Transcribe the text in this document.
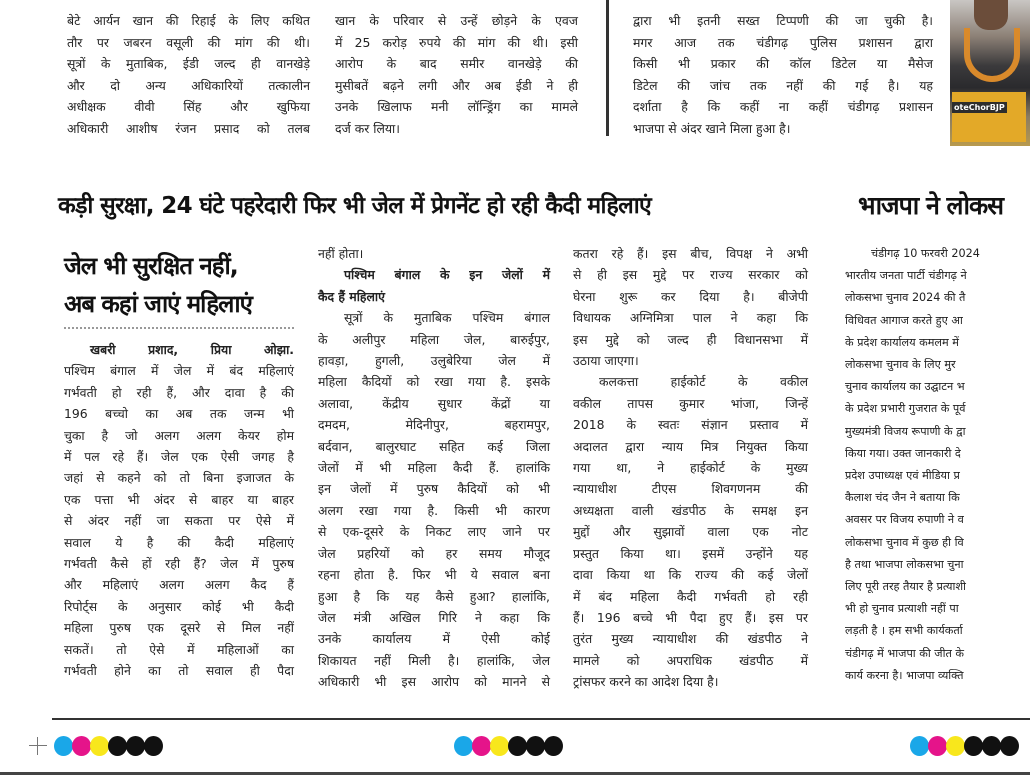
बेटे आर्यन खान की रिहाई के लिए कथित
तौर पर जबरन वसूली की मांग की थी।
सूत्रों के मुताबिक, ईडी जल्द ही वानखेड़े
और दो अन्य अधिकारियों तत्कालीन
अधीक्षक वीवी सिंह और खुफिया
अधिकारी आशीष रंजन प्रसाद को तलब
खान के परिवार से उन्हें छोड़ने के एवज
में 25 करोड़ रुपये की मांग की थी। इसी
आरोप के बाद समीर वानखेड़े की
मुसीबतें बढ़ने लगी और अब ईडी ने ही
उनके खिलाफ मनी लॉन्ड्रिंग का मामले
दर्ज कर लिया।
द्वारा भी इतनी सख्त टिप्पणी की जा चुकी है।
मगर आज तक चंडीगढ़ पुलिस प्रशासन द्वारा
किसी भी प्रकार की कॉल डिटेल या मैसेज
डिटेल की जांच तक नहीं की गई है। यह
दर्शाता है कि कहीं ना कहीं चंडीगढ़ प्रशासन
भाजपा से अंदर खाने मिला हुआ है।
oteChorBJP
कड़ी सुरक्षा, 24 घंटे पहरेदारी फिर भी जेल में प्रेगनेंट हो रही कैदी महिलाएं	भाजपा ने लोकस
जेल भी सुरक्षित नहीं,
अब कहां जाएं महिलाएं
खबरी प्रशाद, प्रिया ओझा.
पश्चिम बंगाल में जेल में बंद महिलाएं
गर्भवती हो रही हैं, और दावा है की
196 बच्चो का अब तक जन्म भी
चुका है जो अलग अलग केयर होम
में पल रहे हैं। जेल एक ऐसी जगह है
जहां से कहने को तो बिना इजाजत के
एक पत्ता भी अंदर से बाहर या बाहर
से अंदर नहीं जा सकता पर ऐसे में
सवाल ये है की कैदी महिलाएं
गर्भवती कैसे हों रही हैं? जेल में पुरुष
और महिलाएं अलग अलग कैद हैं
रिपोर्ट्स के अनुसार कोई भी कैदी
महिला पुरुष एक दूसरे से मिल नहीं
सकतें। तो ऐसे में महिलाओं का
गर्भवती होने का तो सवाल ही पैदा
नहीं होता।
पश्चिम बंगाल के इन जेलों में
कैद हैं महिलाएं
सूत्रों के मुताबिक पश्चिम बंगाल
के अलीपुर महिला जेल, बारुईपुर,
हावड़ा, हुगली, उलुबेरिया जेल में
महिला कैदियों को रखा गया है. इसके
अलावा, केंद्रीय सुधार केंद्रों या
दमदम, मेदिनीपुर, बहरामपुर,
बर्दवान, बालुरघाट सहित कई जिला
जेलों में भी महिला कैदी हैं. हालांकि
इन जेलों में पुरुष कैदियों को भी
अलग रखा गया है. किसी भी कारण
से एक-दूसरे के निकट लाए जाने पर
जेल प्रहरियों को हर समय मौजूद
रहना होता है. फिर भी ये सवाल बना
हुआ है कि यह कैसे हुआ? हालांकि,
जेल मंत्री अखिल गिरि ने कहा कि
उनके कार्यालय में ऐसी कोई
शिकायत नहीं मिली है। हालांकि, जेल
अधिकारी भी इस आरोप को मानने से
कतरा रहे हैं। इस बीच, विपक्ष ने अभी
से ही इस मुद्दे पर राज्य सरकार को
घेरना शुरू कर दिया है। बीजेपी
विधायक अग्निमित्रा पाल ने कहा कि
इस मुद्दे को जल्द ही विधानसभा में
उठाया जाएगा।
कलकत्ता हाईकोर्ट के वकील
वकील तापस कुमार भांजा, जिन्हें
2018 के स्वतः संज्ञान प्रस्ताव में
अदालत द्वारा न्याय मित्र नियुक्त किया
गया था, ने हाईकोर्ट के मुख्य
न्यायाधीश टीएस शिवगणनम की
अध्यक्षता वाली खंडपीठ के समक्ष इन
मुद्दों और सुझावों वाला एक नोट
प्रस्तुत किया था। इसमें उन्होंने यह
दावा किया था कि राज्य की कई जेलों
में बंद महिला कैदी गर्भवती हो रही
हैं। 196 बच्चे भी पैदा हुए हैं। इस पर
तुरंत मुख्य न्यायाधीश की खंडपीठ ने
मामले को अपराधिक खंडपीठ में
ट्रांसफर करने का आदेश दिया है।
चंडीगढ़ 10 फरवरी 2024
भारतीय जनता पार्टी चंडीगढ़ ने
लोकसभा चुनाव 2024 की तै
विधिवत आगाज करते हुए आ
के प्रदेश कार्यालय कमलम में
लोकसभा चुनाव के लिए मुर
चुनाव कार्यालय का उद्घाटन भ
के प्रदेश प्रभारी गुजरात के पूर्व
मुख्यमंत्री विजय रूपाणी के द्वा
किया गया। उक्त जानकारी दे
प्रदेश उपाध्यक्ष एवं मीडिया प्र
कैलाश चंद जैन ने बताया कि
अवसर पर विजय रुपाणी ने व
लोकसभा चुनाव में कुछ ही वि
है तथा भाजपा लोकसभा चुना
लिए पूरी तरह तैयार है प्रत्याशी
भी हो चुनाव प्रत्याशी नहीं पा
लड़ती है । हम सभी कार्यकर्ता
चंडीगढ़ में भाजपा की जीत के
कार्य करना है। भाजपा व्यक्ति
